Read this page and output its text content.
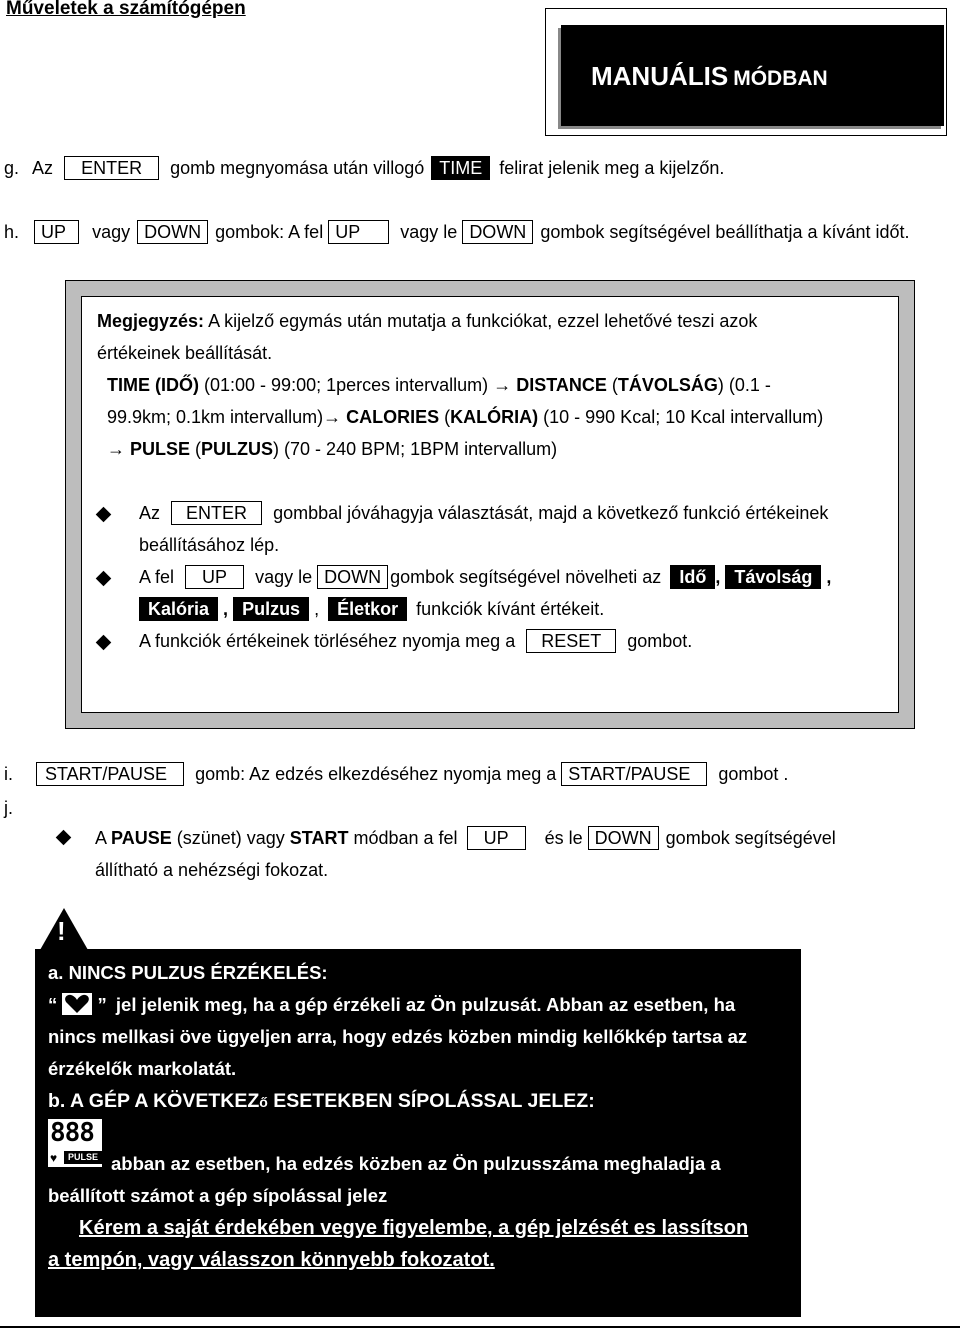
Műveletek a számítógépen
MANUÁLIS MÓDBAN
g. Az ENTER gomb megnyomása után villogó TIME felirat jelenik meg a kijelzőn.
h. UP vagy DOWN gombok: A fel UP vagy le DOWN gombok segítségével beállíthatja a kívánt időt.
Megjegyzés: A kijelző egymás után mutatja a funkciókat, ezzel lehetővé teszi azok
értékeinek beállítását.
TIME (IDŐ) (01:00 - 99:00; 1perces intervallum) → DISTANCE (TÁVOLSÁG) (0.1 -
99.9km; 0.1km intervallum)→ CALORIES (KALÓRIA) (10 - 990 Kcal; 10 Kcal intervallum)
→ PULSE (PULZUS) (70 - 240 BPM; 1BPM intervallum)
Az ENTER gombbal jóváhagyja választását, majd a következő funkció értékeinek
beállításához lép.
A fel UP vagy le DOWN gombok segítségével növelheti az Idő , Távolság ,
Kalória , Pulzus , Életkor funkciók kívánt értékeit.
A funkciók értékeinek törléséhez nyomja meg a RESET gombot.
i. START/PAUSE gomb: Az edzés elkezdéséhez nyomja meg a START/PAUSE gombot .
j.
A PAUSE (szünet) vagy START módban a fel UP és le DOWN gombok segítségével
állítható a nehézségi fokozat.
!
a. NINCS PULZUS ÉRZÉKELÉS:
“ ” jel jelenik meg, ha a gép érzékeli az Ön pulzusát. Abban az esetben, ha
nincs mellkasi öve ügyeljen arra, hogy edzés közben mindig kellőkkép tartsa az
érzékelők markolatát.
b. A GÉP A KÖVETKEZő ESETEKBEN SÍPOLÁSSAL JELEZ:
888
♥	PULSE abban az esetben, ha edzés közben az Ön pulzusszáma meghaladja a
beállított számot a gép sípolással jelez
Kérem a saját érdekében vegye figyelembe, a gép jelzését es lassítson
a tempón, vagy válasszon könnyebb fokozatot.
